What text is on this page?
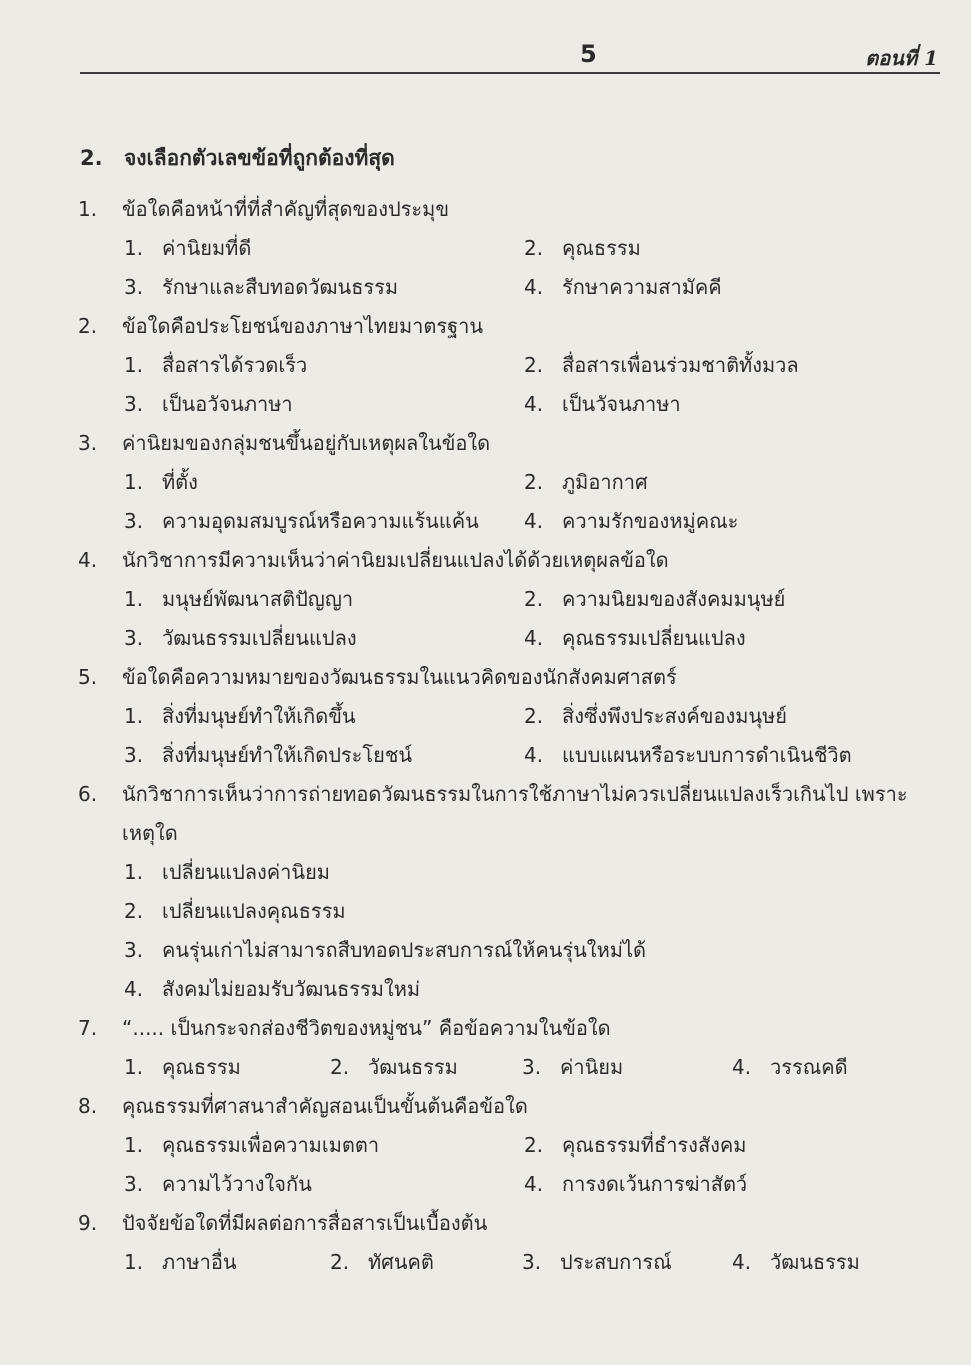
5	ตอนที่ 1
2. จงเลือกตัวเลขข้อที่ถูกต้องที่สุด
1.	ข้อใดคือหน้าที่ที่สำคัญที่สุดของประมุข
1. ค่านิยมที่ดี	2. คุณธรรม
3. รักษาและสืบทอดวัฒนธรรม	4. รักษาความสามัคคี
2.	ข้อใดคือประโยชน์ของภาษาไทยมาตรฐาน
1. สื่อสารได้รวดเร็ว	2. สื่อสารเพื่อนร่วมชาติทั้งมวล
3. เป็นอวัจนภาษา	4. เป็นวัจนภาษา
3.	ค่านิยมของกลุ่มชนขึ้นอยู่กับเหตุผลในข้อใด
1. ที่ตั้ง	2. ภูมิอากาศ
3. ความอุดมสมบูรณ์หรือความแร้นแค้น 4. ความรักของหมู่คณะ
4.	นักวิชาการมีความเห็นว่าค่านิยมเปลี่ยนแปลงได้ด้วยเหตุผลข้อใด
1. มนุษย์พัฒนาสติปัญญา	2. ความนิยมของสังคมมนุษย์
3. วัฒนธรรมเปลี่ยนแปลง	4. คุณธรรมเปลี่ยนแปลง
5.	ข้อใดคือความหมายของวัฒนธรรมในแนวคิดของนักสังคมศาสตร์
1. สิ่งที่มนุษย์ทำให้เกิดขึ้น	2. สิ่งซึ่งพึงประสงค์ของมนุษย์
3. สิ่งที่มนุษย์ทำให้เกิดประโยชน์	4. แบบแผนหรือระบบการดำเนินชีวิต
6.	นักวิชาการเห็นว่าการถ่ายทอดวัฒนธรรมในการใช้ภาษาไม่ควรเปลี่ยนแปลงเร็วเกินไป เพราะ
เหตุใด
1. เปลี่ยนแปลงค่านิยม
2. เปลี่ยนแปลงคุณธรรม
3. คนรุ่นเก่าไม่สามารถสืบทอดประสบการณ์ให้คนรุ่นใหม่ได้
4. สังคมไม่ยอมรับวัฒนธรรมใหม่
7.	“..... เป็นกระจกส่องชีวิตของหมู่ชน” คือข้อความในข้อใด
1. คุณธรรม	2. วัฒนธรรม	3. ค่านิยม	4. วรรณคดี
8.	คุณธรรมที่ศาสนาสำคัญสอนเป็นขั้นต้นคือข้อใด
1. คุณธรรมเพื่อความเมตตา	2. คุณธรรมที่ธำรงสังคม
3. ความไว้วางใจกัน	4. การงดเว้นการฆ่าสัตว์
9.	ปัจจัยข้อใดที่มีผลต่อการสื่อสารเป็นเบื้องต้น
1. ภาษาอื่น	2. ทัศนคติ	3. ประสบการณ์	4. วัฒนธรรม
